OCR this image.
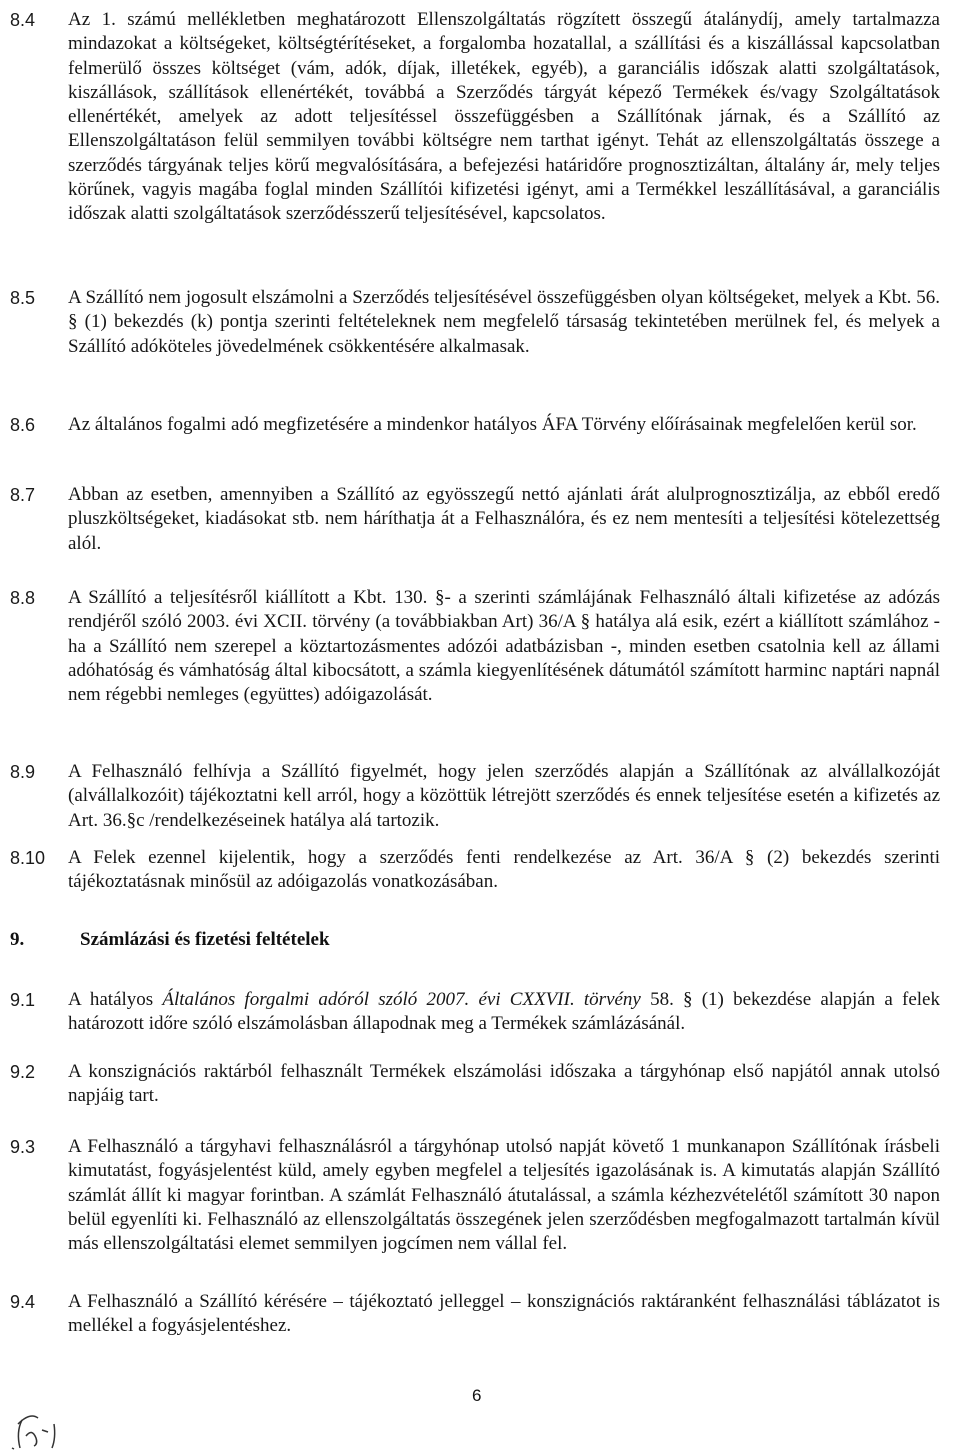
8.4 Az 1. számú mellékletben meghatározott Ellenszolgáltatás rögzített összegű átalánydíj, amely tartalmazza mindazokat a költségeket, költségtérítéseket, a forgalomba hozatallal, a szállítási és a kiszállással kapcsolatban felmerülő összes költséget (vám, adók, díjak, illetékek, egyéb), a garanciális időszak alatti szolgáltatások, kiszállások, szállítások ellenértékét, továbbá a Szerződés tárgyát képező Termékek és/vagy Szolgáltatások ellenértékét, amelyek az adott teljesítéssel összefüggésben a Szállítónak járnak, és a Szállító az Ellenszolgáltatáson felül semmilyen további költségre nem tarthat igényt. Tehát az ellenszolgáltatás összege a szerződés tárgyának teljes körű megvalósítására, a befejezési határidőre prognosztizáltan, általány ár, mely teljes körűnek, vagyis magába foglal minden Szállítói kifizetési igényt, ami a Termékkel leszállításával, a garanciális időszak alatti szolgáltatások szerződésszerű teljesítésével, kapcsolatos.
8.5 A Szállító nem jogosult elszámolni a Szerződés teljesítésével összefüggésben olyan költségeket, melyek a Kbt. 56. § (1) bekezdés (k) pontja szerinti feltételeknek nem megfelelő társaság tekintetében merülnek fel, és melyek a Szállító adóköteles jövedelmének csökkentésére alkalmasak.
8.6 Az általános fogalmi adó megfizetésére a mindenkor hatályos ÁFA Törvény előírásainak megfelelően kerül sor.
8.7 Abban az esetben, amennyiben a Szállító az egyösszegű nettó ajánlati árát alulprognosztizálja, az ebből eredő pluszköltségeket, kiadásokat stb. nem háríthatja át a Felhasználóra, és ez nem mentesíti a teljesítési kötelezettség alól.
8.8 A Szállító a teljesítésről kiállított a Kbt. 130. §- a szerinti számlájának Felhasználó általi kifizetése az adózás rendjéről szóló 2003. évi XCII. törvény (a továbbiakban Art) 36/A § hatálya alá esik, ezért a kiállított számlához - ha a Szállító nem szerepel a köztartozásmentes adózói adatbázisban -, minden esetben csatolnia kell az állami adóhatóság és vámhatóság által kibocsátott, a számla kiegyenlítésének dátumától számított harminc naptári napnál nem régebbi nemleges (együttes) adóigazolását.
8.9 A Felhasználó felhívja a Szállító figyelmét, hogy jelen szerződés alapján a Szállítónak az alvállalkozóját (alvállalkozóit) tájékoztatni kell arról, hogy a közöttük létrejött szerződés és ennek teljesítése esetén a kifizetés az Art. 36.§c /rendelkezéseinek hatálya alá tartozik.
8.10 A Felek ezennel kijelentik, hogy a szerződés fenti rendelkezése az Art. 36/A § (2) bekezdés szerinti tájékoztatásnak minősül az adóigazolás vonatkozásában.
9.	Számlázási és fizetési feltételek
9.1 A hatályos Általános forgalmi adóról szóló 2007. évi CXXVII. törvény 58. § (1) bekezdése alapján a felek határozott időre szóló elszámolásban állapodnak meg a Termékek számlázásánál.
9.2 A konszignációs raktárból felhasznált Termékek elszámolási időszaka a tárgyhónap első napjától annak utolsó napjáig tart.
9.3 A Felhasználó a tárgyhavi felhasználásról a tárgyhónap utolsó napját követő 1 munkanapon Szállítónak írásbeli kimutatást, fogyásjelentést küld, amely egyben megfelel a teljesítés igazolásának is. A kimutatás alapján Szállító számlát állít ki magyar forintban. A számlát Felhasználó átutalással, a számla kézhezvételétől számított 30 napon belül egyenlíti ki. Felhasználó az ellenszolgáltatás összegének jelen szerződésben megfogalmazott tartalmán kívül más ellenszolgáltatási elemet semmilyen jogcímen nem vállal fel.
9.4 A Felhasználó a Szállító kérésére – tájékoztató jelleggel – konszignációs raktáranként felhasználási táblázatot is mellékel a fogyásjelentéshez.
6
